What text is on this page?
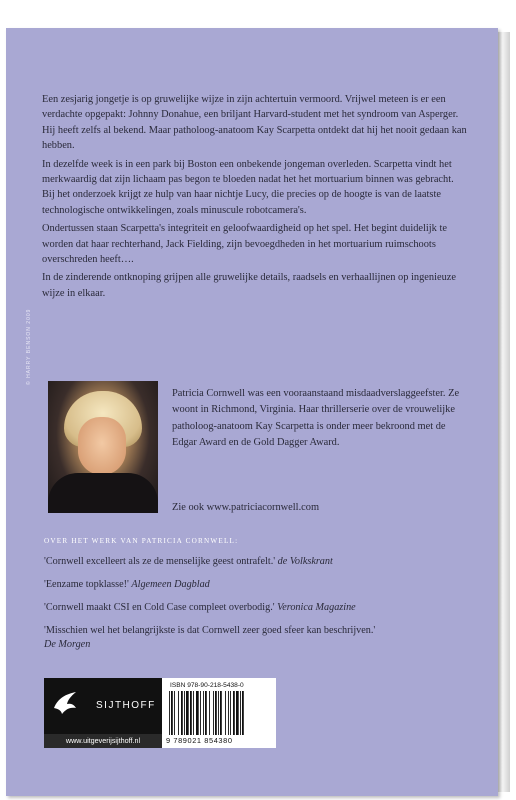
Een zesjarig jongetje is op gruwelijke wijze in zijn achtertuin vermoord. Vrijwel meteen is er een verdachte opgepakt: Johnny Donahue, een briljant Harvard-student met het syndroom van Asperger. Hij heeft zelfs al bekend. Maar patholoog-anatoom Kay Scarpetta ontdekt dat hij het nooit gedaan kan hebben.

In dezelfde week is in een park bij Boston een onbekende jongeman overleden. Scarpetta vindt het merkwaardig dat zijn lichaam pas begon te bloeden nadat het het mortuarium binnen was gebracht. Bij het onderzoek krijgt ze hulp van haar nichtje Lucy, die precies op de hoogte is van de laatste technologische ontwikkelingen, zoals minuscule robotcamera's.

Ondertussen staan Scarpetta's integriteit en geloofwaardigheid op het spel. Het begint duidelijk te worden dat haar rechterhand, Jack Fielding, zijn bevoegdheden in het mortuarium ruimschoots overschreden heeft….

In de zinderende ontknoping grijpen alle gruwelijke details, raadsels en verhaallijnen op ingenieuze wijze in elkaar.

© HARRY BENSON 2009
Patricia Cornwell was een vooraanstaand misdaadverslaggeefster. Ze woont in Richmond, Virginia. Haar thrillerserie over de vrouwelijke patholoog-anatoom Kay Scarpetta is onder meer bekroond met de Edgar Award en de Gold Dagger Award.
Zie ook www.patriciacornwell.com
OVER HET WERK VAN PATRICIA CORNWELL:
'Cornwell excelleert als ze de menselijke geest ontrafelt.' de Volkskrant
'Eenzame topklasse!' Algemeen Dagblad
'Cornwell maakt CSI en Cold Case compleet overbodig.' Veronica Magazine
'Misschien wel het belangrijkste is dat Cornwell zeer goed sfeer kan beschrijven.'
De Morgen
SIJTHOFF
www.uitgeverijsijthoff.nl
ISBN 978-90-218-5438-0
9 789021 854380
